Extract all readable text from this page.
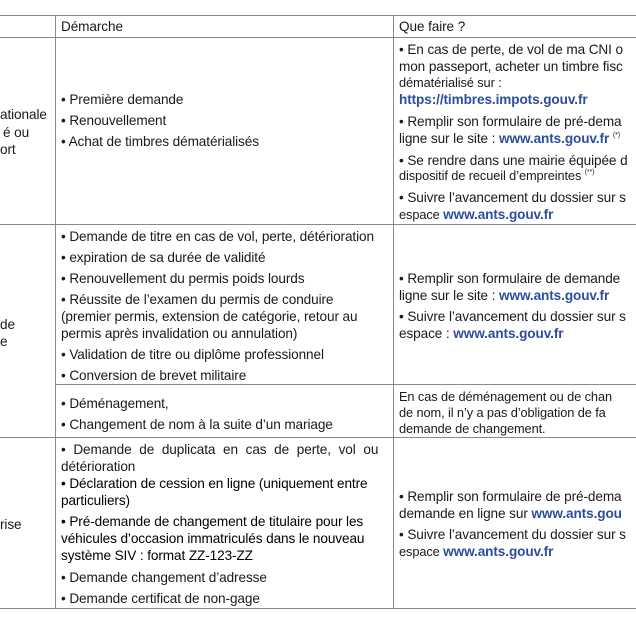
Démarche	Que faire ?
ationale
é ou
ort
• Première demande
• Renouvellement
• Achat de timbres dématérialisés
• En cas de perte, de vol de ma CNI o
mon passeport, acheter un timbre fisc
dématérialisé sur :
https://timbres.impots.gouv.fr
• Remplir son formulaire de pré-dema
ligne sur le site : www.ants.gouv.fr (*)
• Se rendre dans une mairie équipée d
dispositif de recueil d’empreintes (**)
• Suivre l’avancement du dossier sur s
espace www.ants.gouv.fr
de
e
• Demande de titre en cas de vol, perte, détérioration
• expiration de sa durée de validité
• Renouvellement du permis poids lourds
• Réussite de l’examen du permis de conduire
(premier permis, extension de catégorie, retour au
permis après invalidation ou annulation)
• Validation de titre ou diplôme professionnel
• Conversion de brevet militaire
• Remplir son formulaire de demande
ligne sur le site : www.ants.gouv.fr
• Suivre l’avancement du dossier sur s
espace : www.ants.gouv.fr
• Déménagement,
• Changement de nom à la suite d’un mariage
En cas de déménagement ou de chan
de nom, il n’y a pas d’obligation de fa
demande de changement.
rise
• Demande de duplicata en cas de perte, vol ou
détérioration
• Déclaration de cession en ligne (uniquement entre
particuliers)
• Pré-demande de changement de titulaire pour les
véhicules d’occasion immatriculés dans le nouveau
système SIV : format ZZ-123-ZZ
• Demande changement d’adresse
• Demande certificat de non-gage
• Remplir son formulaire de pré-dema
demande en ligne sur www.ants.gou
• Suivre l’avancement du dossier sur s
espace www.ants.gouv.fr
